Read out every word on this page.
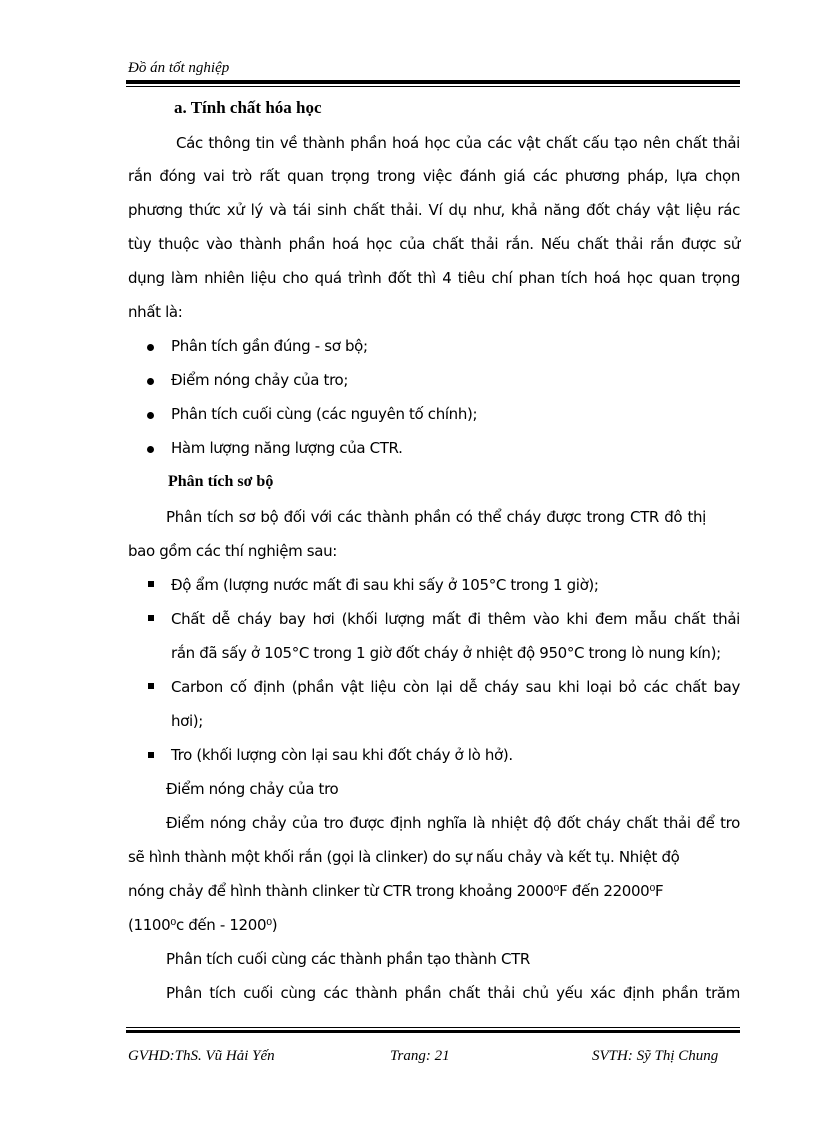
Đồ án tốt nghiệp
a. Tính chất hóa học
Các thông tin về thành phần hoá học của các vật chất cấu tạo nên chất thải
rắn đóng vai trò rất quan trọng trong việc đánh giá các phương pháp, lựa chọn
phương thức xử lý và tái sinh chất thải. Ví dụ như, khả năng đốt cháy vật liệu rác
tùy thuộc vào thành phần hoá học của chất thải rắn. Nếu chất thải rắn được sử
dụng làm nhiên liệu cho quá trình đốt thì 4 tiêu chí phan tích hoá học quan trọng
nhất là:
Phân tích gần đúng - sơ bộ;
Điểm nóng chảy của tro;
Phân tích cuối cùng (các nguyên tố chính);
Hàm lượng năng lượng của CTR.
Phân tích sơ bộ
Phân tích sơ bộ đối với các thành phần có thể cháy được trong CTR đô thị
bao gồm các thí nghiệm sau:
Độ ẩm (lượng nước mất đi sau khi sấy ở 105°C trong 1 giờ);
Chất dễ cháy bay hơi (khối lượng mất đi thêm vào khi đem mẫu chất thải
rắn đã sấy ở 105°C trong 1 giờ đốt cháy ở nhiệt độ 950°C trong lò nung kín);
Carbon cố định (phần vật liệu còn lại dễ cháy sau khi loại bỏ các chất bay
hơi);
Tro (khối lượng còn lại sau khi đốt cháy ở lò hở).
Điểm nóng chảy của tro
Điểm nóng chảy của tro được định nghĩa là nhiệt độ đốt cháy chất thải để tro
sẽ hình thành một khối rắn (gọi là clinker) do sự nấu chảy và kết tụ. Nhiệt độ
nóng chảy để hình thành clinker từ CTR trong khoảng 2000⁰F đến 22000⁰F
(1100⁰c đến - 1200⁰)
Phân tích cuối cùng các thành phần tạo thành CTR
Phân tích cuối cùng các thành phần chất thải chủ yếu xác định phần trăm
GVHD:ThS. Vũ Hải Yến	Trang: 21	SVTH: Sỹ Thị Chung
